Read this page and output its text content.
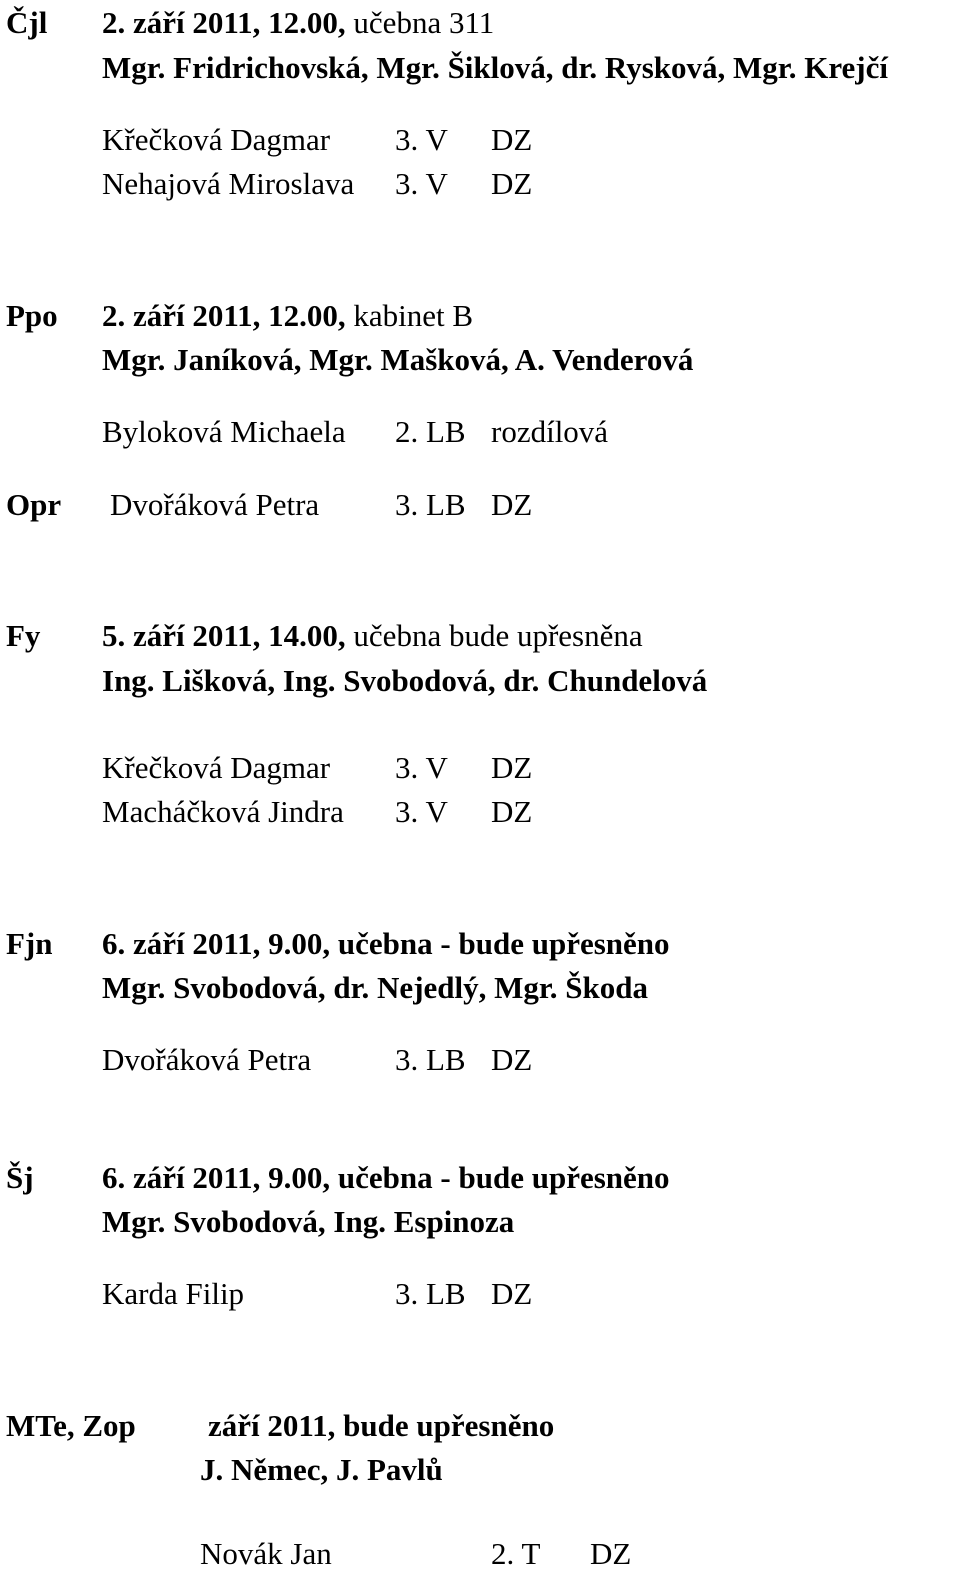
Čjl 2. září 2011, 12.00, učebna 311
Mgr. Fridrichovská, Mgr. Šiklová, dr. Rysková, Mgr. Krejčí
Křečková Dagmar 3. V DZ
Nehajová Miroslava 3. V DZ
Ppo 2. září 2011, 12.00, kabinet B
Mgr. Janíková, Mgr. Mašková, A. Venderová
Byloková Michaela 2. LB rozdílová
Opr Dvořáková Petra 3. LB DZ
Fy 5. září 2011, 14.00, učebna bude upřesněna
Ing. Lišková, Ing. Svobodová, dr. Chundelová
Křečková Dagmar 3. V DZ
Macháčková Jindra 3. V DZ
Fjn 6. září 2011, 9.00, učebna - bude upřesněno
Mgr. Svobodová, dr. Nejedlý, Mgr. Škoda
Dvořáková Petra	3. LB DZ
Šj 6. září 2011, 9.00, učebna - bude upřesněno
Mgr. Svobodová, Ing. Espinoza
Karda Filip	3. LB DZ
MTe, Zop září 2011, bude upřesněno
J. Němec, J. Pavlů
Novák Jan	2. T DZ
